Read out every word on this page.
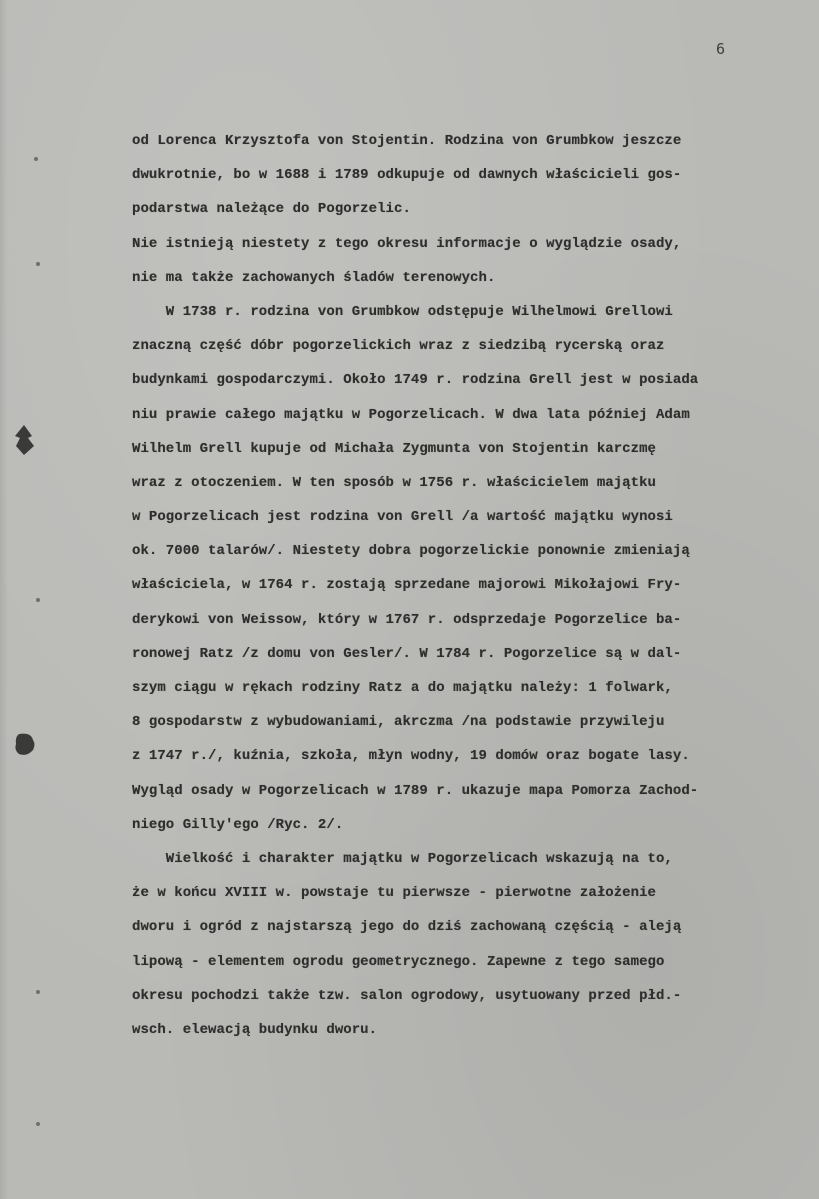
6
od Lorenca Krzysztofa von Stojentin. Rodzina von Grumbkow jeszcze
dwukrotnie, bo w 1688 i 1789 odkupuje od dawnych właścicieli gos-
podarstwa należące do Pogorzelic.
Nie istnieją niestety z tego okresu informacje o wyglądzie osady,
nie ma także zachowanych śladów terenowych.
W 1738 r. rodzina von Grumbkow odstępuje Wilhelmowi Grellowi
znaczną część dóbr pogorzelickich wraz z siedzibą rycerską oraz
budynkami gospodarczymi. Około 1749 r. rodzina Grell jest w posiada
niu prawie całego majątku w Pogorzelicach. W dwa lata później Adam
Wilhelm Grell kupuje od Michała Zygmunta von Stojentin karczmę
wraz z otoczeniem. W ten sposób w 1756 r. właścicielem majątku
w Pogorzelicach jest rodzina von Grell /a wartość majątku wynosi
ok. 7000 talarów/. Niestety dobra pogorzelickie ponownie zmieniają
właściciela, w 1764 r. zostają sprzedane majorowi Mikołajowi Fry-
derykowi von Weissow, który w 1767 r. odsprzedaje Pogorzelice ba-
ronowej Ratz /z domu von Gesler/. W 1784 r. Pogorzelice są w dal-
szym ciągu w rękach rodziny Ratz a do majątku należy: 1 folwark,
8 gospodarstw z wybudowaniami, akrczma /na podstawie przywileju
z 1747 r./, kuźnia, szkoła, młyn wodny, 19 domów oraz bogate lasy.
Wygląd osady w Pogorzelicach w 1789 r. ukazuje mapa Pomorza Zachod-
niego Gilly'ego /Ryc. 2/.
Wielkość i charakter majątku w Pogorzelicach wskazują na to,
że w końcu XVIII w. powstaje tu pierwsze - pierwotne założenie
dworu i ogród z najstarszą jego do dziś zachowaną częścią - aleją
lipową - elementem ogrodu geometrycznego. Zapewne z tego samego
okresu pochodzi także tzw. salon ogrodowy, usytuowany przed płd.-
wsch. elewacją budynku dworu.
